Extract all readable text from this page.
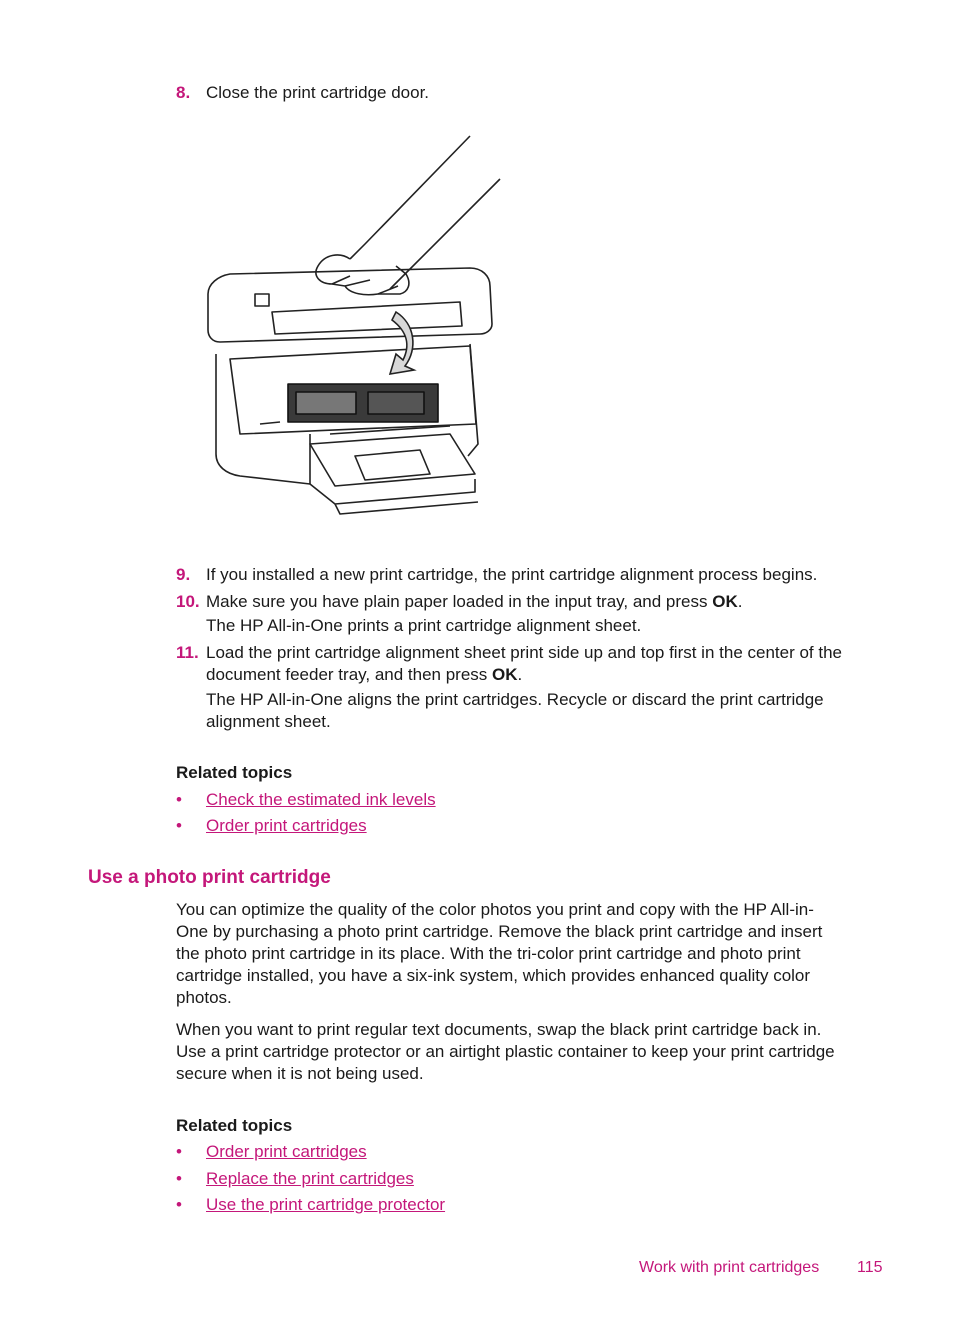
8. Close the print cartridge door.
9. If you installed a new print cartridge, the print cartridge alignment process begins.
10. Make sure you have plain paper loaded in the input tray, and press OK.
The HP All-in-One prints a print cartridge alignment sheet.
11. Load the print cartridge alignment sheet print side up and top first in the center of the
document feeder tray, and then press OK.
The HP All-in-One aligns the print cartridges. Recycle or discard the print cartridge
alignment sheet.
Related topics
• Check the estimated ink levels
• Order print cartridges
Use a photo print cartridge
You can optimize the quality of the color photos you print and copy with the HP All-in-
One by purchasing a photo print cartridge. Remove the black print cartridge and insert
the photo print cartridge in its place. With the tri-color print cartridge and photo print
cartridge installed, you have a six-ink system, which provides enhanced quality color
photos.
When you want to print regular text documents, swap the black print cartridge back in.
Use a print cartridge protector or an airtight plastic container to keep your print cartridge
secure when it is not being used.
Related topics
• Order print cartridges
• Replace the print cartridges
• Use the print cartridge protector
Work with print cartridges 115
